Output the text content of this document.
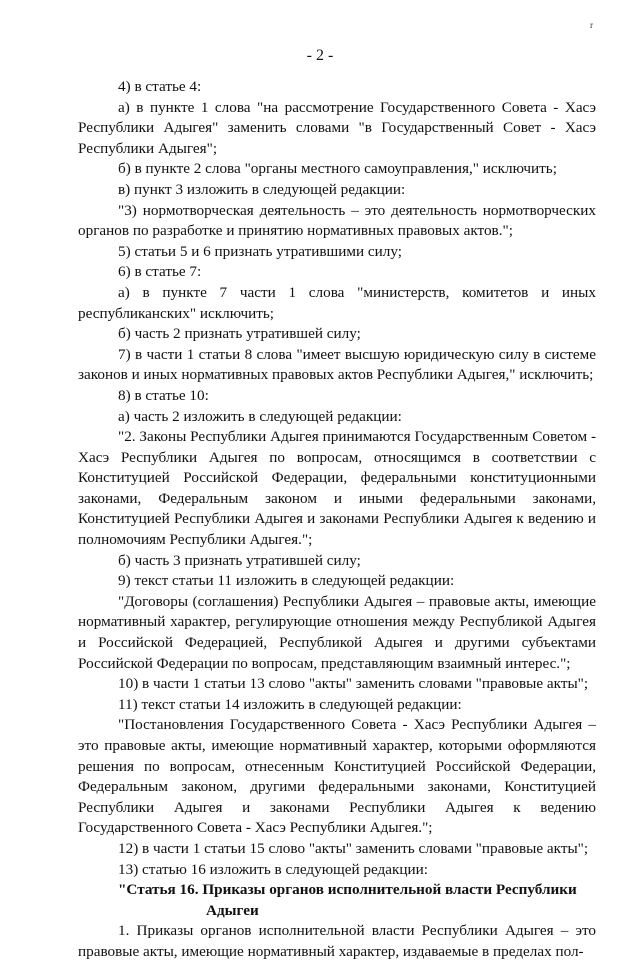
r
- 2 -

4) в статье 4:

а) в пункте 1 слова "на рассмотрение Государственного Совета - Хасэ Республики Адыгея" заменить словами "в Государственный Совет - Хасэ Республики Адыгея";

б) в пункте 2 слова "органы местного самоуправления," исключить;

в) пункт 3 изложить в следующей редакции:

"3) нормотворческая деятельность – это деятельность нормотворческих органов по разработке и принятию нормативных правовых актов.";

5) статьи 5 и 6 признать утратившими силу;

6) в статье 7:

а) в пункте 7 части 1 слова "министерств, комитетов и иных республиканских" исключить;

б) часть 2 признать утратившей силу;

7) в части 1 статьи 8 слова "имеет высшую юридическую силу в системе законов и иных нормативных правовых актов Республики Адыгея," исключить;

8) в статье 10:

а) часть 2 изложить в следующей редакции:

"2. Законы Республики Адыгея принимаются Государственным Советом - Хасэ Республики Адыгея по вопросам, относящимся в соответствии с Конституцией Российской Федерации, федеральными конституционными законами, Федеральным законом и иными федеральными законами, Конституцией Республики Адыгея и законами Республики Адыгея к ведению и полномочиям Республики Адыгея.";

б) часть 3 признать утратившей силу;

9) текст статьи 11 изложить в следующей редакции:

"Договоры (соглашения) Республики Адыгея – правовые акты, имеющие нормативный характер, регулирующие отношения между Республикой Адыгея и Российской Федерацией, Республикой Адыгея и другими субъектами Российской Федерации по вопросам, представляющим взаимный интерес.";

10) в части 1 статьи 13 слово "акты" заменить словами "правовые акты";

11) текст статьи 14 изложить в следующей редакции:

"Постановления Государственного Совета - Хасэ Республики Адыгея – это правовые акты, имеющие нормативный характер, которыми оформляются решения по вопросам, отнесенным Конституцией Российской Федерации, Федеральным законом, другими федеральными законами, Конституцией Республики Адыгея и законами Республики Адыгея к ведению Государственного Совета - Хасэ Республики Адыгея.";

12) в части 1 статьи 15 слово "акты" заменить словами "правовые акты";

13) статью 16 изложить в следующей редакции:

"Статья 16. Приказы органов исполнительной власти Республики
Адыгеи

1. Приказы органов исполнительной власти Республики Адыгея – это правовые акты, имеющие нормативный характер, издаваемые в пределах пол-
